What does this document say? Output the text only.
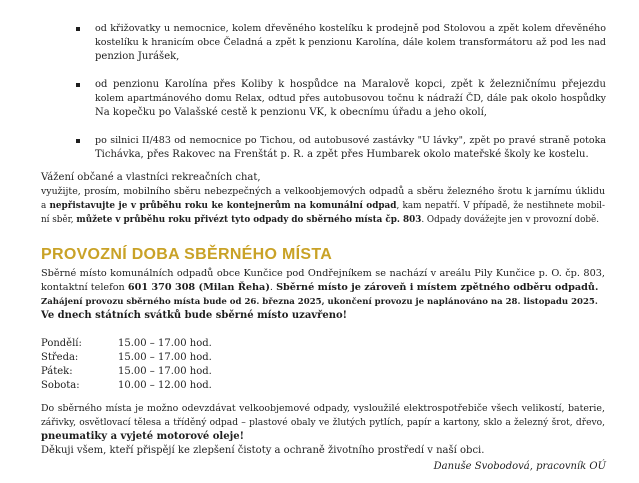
od křižovatky u nemocnice, kolem dřevěného kostelíku k prodejně pod Stolovou a zpět kolem dřevěného
kostelíku k hranicím obce Čeladná a zpět k penzionu Karolína, dále kolem transformátoru až pod les nad
penzion Jurášek,
od penzionu Karolína přes Koliby k hospůdce na Maralově kopci, zpět k železničnímu přejezdu
kolem apartmánového domu Relax, odtud přes autobusovou točnu k nádraží ČD, dále pak okolo hospůdky
Na kopečku po Valašské cestě k penzionu VK, k obecnímu úřadu a jeho okolí,
po silnici II/483 od nemocnice po Tichou, od autobusové zastávky "U lávky", zpět po pravé straně potoka
Tichávka, přes Rakovec na Frenštát p. R. a zpět přes Humbarek okolo mateřské školy ke kostelu.
Vážení občané a vlastníci rekreačních chat,
využijte, prosím, mobilního sběru nebezpečných a velkoobjemových odpadů a sběru železného šrotu k jarnímu úklidu
a nepřistavujte je v průběhu roku ke kontejnerům na komunální odpad, kam nepatří. V případě, že nestihnete mobil-
ní sběr, můžete v průběhu roku přivézt tyto odpady do sběrného místa čp. 803. Odpady dovážejte jen v provozní době.
PROVOZNÍ DOBA SBĚRNÉHO MÍSTA
Sběrné místo komunálních odpadů obce Kunčice pod Ondřejníkem se nachází v areálu Pily Kunčice p. O. čp. 803,
kontaktní telefon 601 370 308 (Milan Řeha). Sběrné místo je zároveň i místem zpětného odběru odpadů.
Zahájení provozu sběrného místa bude od 26. března 2025, ukončení provozu je naplánováno na 28. listopadu 2025.
Ve dnech státních svátků bude sběrné místo uzavřeno!
Pondělí:	15.00 – 17.00 hod.
Středa:	15.00 – 17.00 hod.
Pátek:	15.00 – 17.00 hod.
Sobota:	10.00 – 12.00 hod.
Do sběrného místa je možno odevzdávat velkoobjemové odpady, vysloužilé elektrospotřebiče všech velikostí, baterie,
zářivky, osvětlovací tělesa a tříděný odpad – plastové obaly ve žlutých pytlích, papír a kartony, sklo a železný šrot, dřevo,
pneumatiky a vyjeté motorové oleje!
Děkuji všem, kteří přispějí ke zlepšení čistoty a ochraně životního prostředí v naší obci.
Danuše Svobodová, pracovník OÚ
